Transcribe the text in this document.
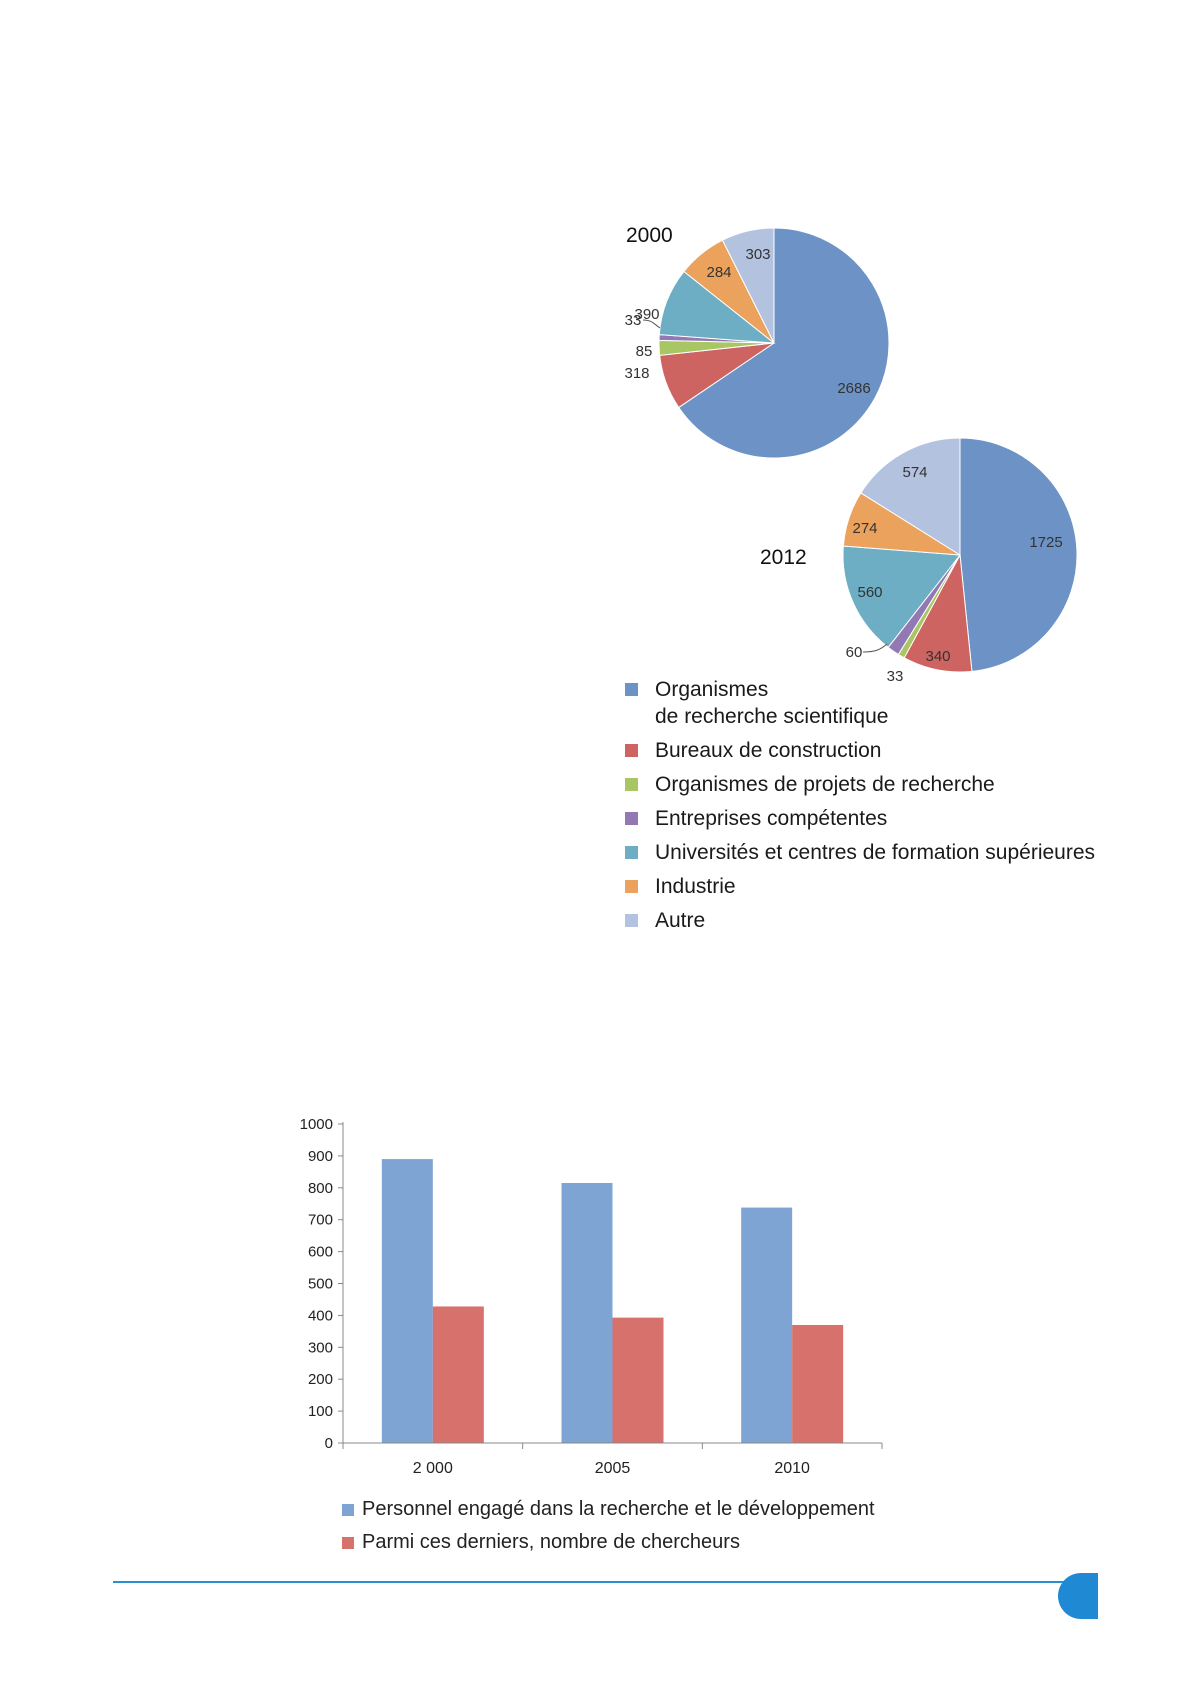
2686
318
85
33
390
284
303
2000
1725
340
33
60
560
274
574
2012
Organismes
de recherche scientifique
Bureaux de construction
Organismes de projets de recherche
Entreprises compétentes
Universités et centres de formation supérieures
Industrie
Autre
0
100
200
300
400
500
600
700
800
900
1000
2 000	2005	2010
Personnel engagé dans la recherche et le développement
Parmi ces derniers, nombre de chercheurs
